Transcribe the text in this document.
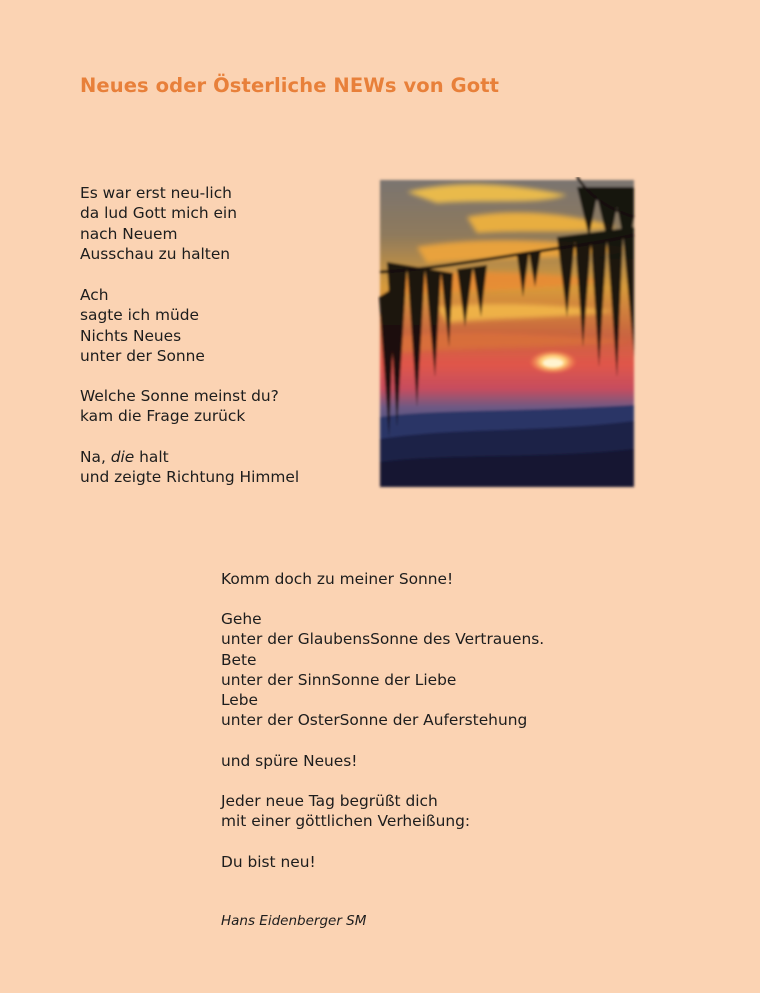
Neues oder Österliche NEWs von Gott
Es war erst neu-lich
da lud Gott mich ein
nach Neuem
Ausschau zu halten
Ach
sagte ich müde
Nichts Neues
unter der Sonne
Welche Sonne meinst du?
kam die Frage zurück
Na, die halt
und zeigte Richtung Himmel
Komm doch zu meiner Sonne!
Gehe
unter der GlaubensSonne des Vertrauens.
Bete
unter der SinnSonne der Liebe
Lebe
unter der OsterSonne der Auferstehung
und spüre Neues!
Jeder neue Tag begrüßt dich
mit einer göttlichen Verheißung:
Du bist neu!
Hans Eidenberger SM
